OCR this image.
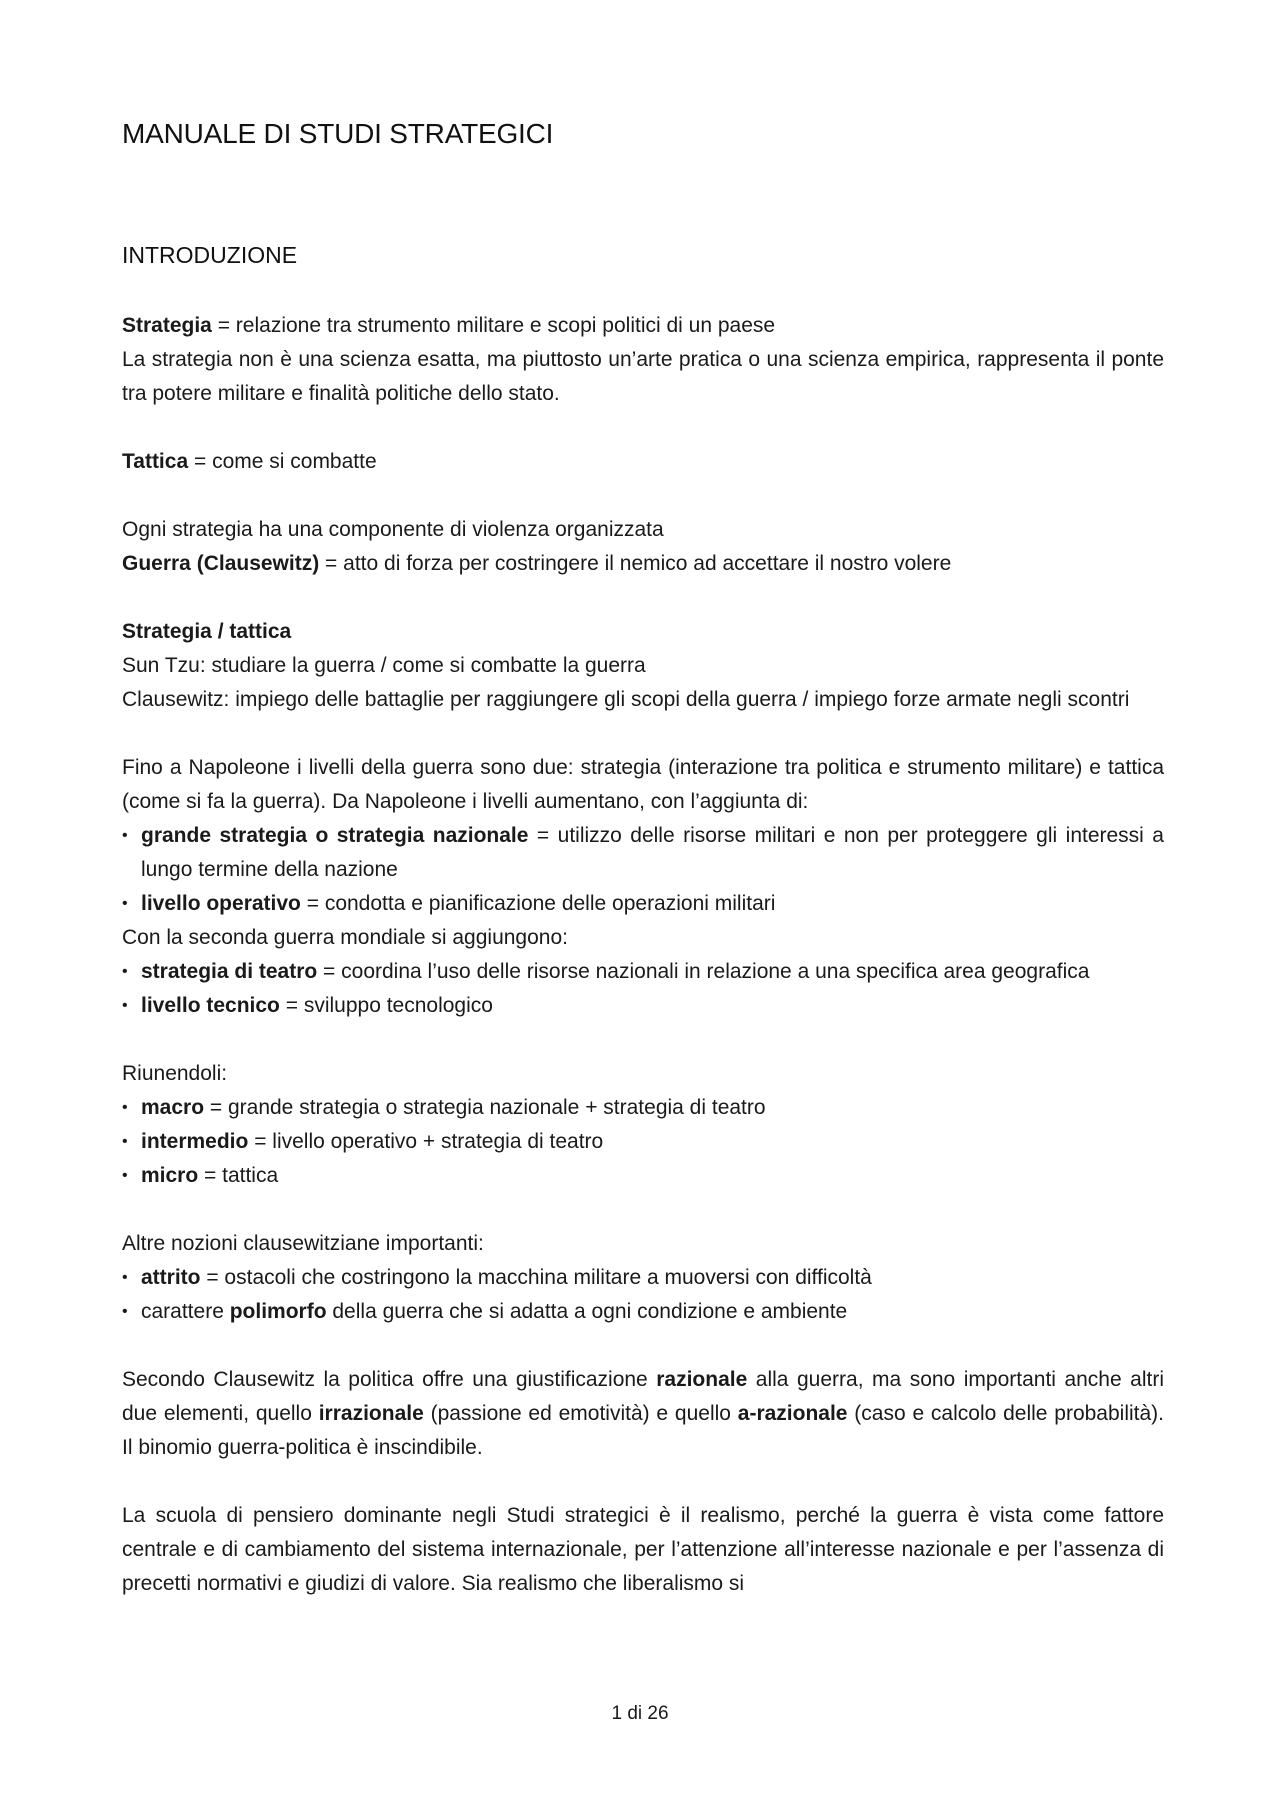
MANUALE DI STUDI STRATEGICI
INTRODUZIONE

Strategia = relazione tra strumento militare e scopi politici di un paese

La strategia non è una scienza esatta, ma piuttosto un’arte pratica o una scienza empirica, rappresenta il ponte tra potere militare e finalità politiche dello stato.

Tattica = come si combatte

Ogni strategia ha una componente di violenza organizzata

Guerra (Clausewitz) = atto di forza per costringere il nemico ad accettare il nostro volere

Strategia / tattica

Sun Tzu: studiare la guerra / come si combatte la guerra

Clausewitz: impiego delle battaglie per raggiungere gli scopi della guerra / impiego forze armate negli scontri

Fino a Napoleone i livelli della guerra sono due: strategia (interazione tra politica e strumento militare) e tattica (come si fa la guerra). Da Napoleone i livelli aumentano, con l’aggiunta di:

• grande strategia o strategia nazionale = utilizzo delle risorse militari e non per proteggere gli interessi a lungo termine della nazione
• livello operativo = condotta e pianificazione delle operazioni militari

Con la seconda guerra mondiale si aggiungono:

• strategia di teatro = coordina l’uso delle risorse nazionali in relazione a una specifica area geografica
• livello tecnico = sviluppo tecnologico

Riunendoli:

• macro = grande strategia o strategia nazionale + strategia di teatro
• intermedio = livello operativo + strategia di teatro
• micro = tattica

Altre nozioni clausewitziane importanti:

• attrito = ostacoli che costringono la macchina militare a muoversi con difficoltà
• carattere polimorfo della guerra che si adatta a ogni condizione e ambiente

Secondo Clausewitz la politica offre una giustificazione razionale alla guerra, ma sono importanti anche altri due elementi, quello irrazionale (passione ed emotività) e quello a-razionale (caso e calcolo delle probabilità). Il binomio guerra-politica è inscindibile.

La scuola di pensiero dominante negli Studi strategici è il realismo, perché la guerra è vista come fattore centrale e di cambiamento del sistema internazionale, per l’attenzione all’interesse nazionale e per l’assenza di precetti normativi e giudizi di valore. Sia realismo che liberalismo si

1 di 26
